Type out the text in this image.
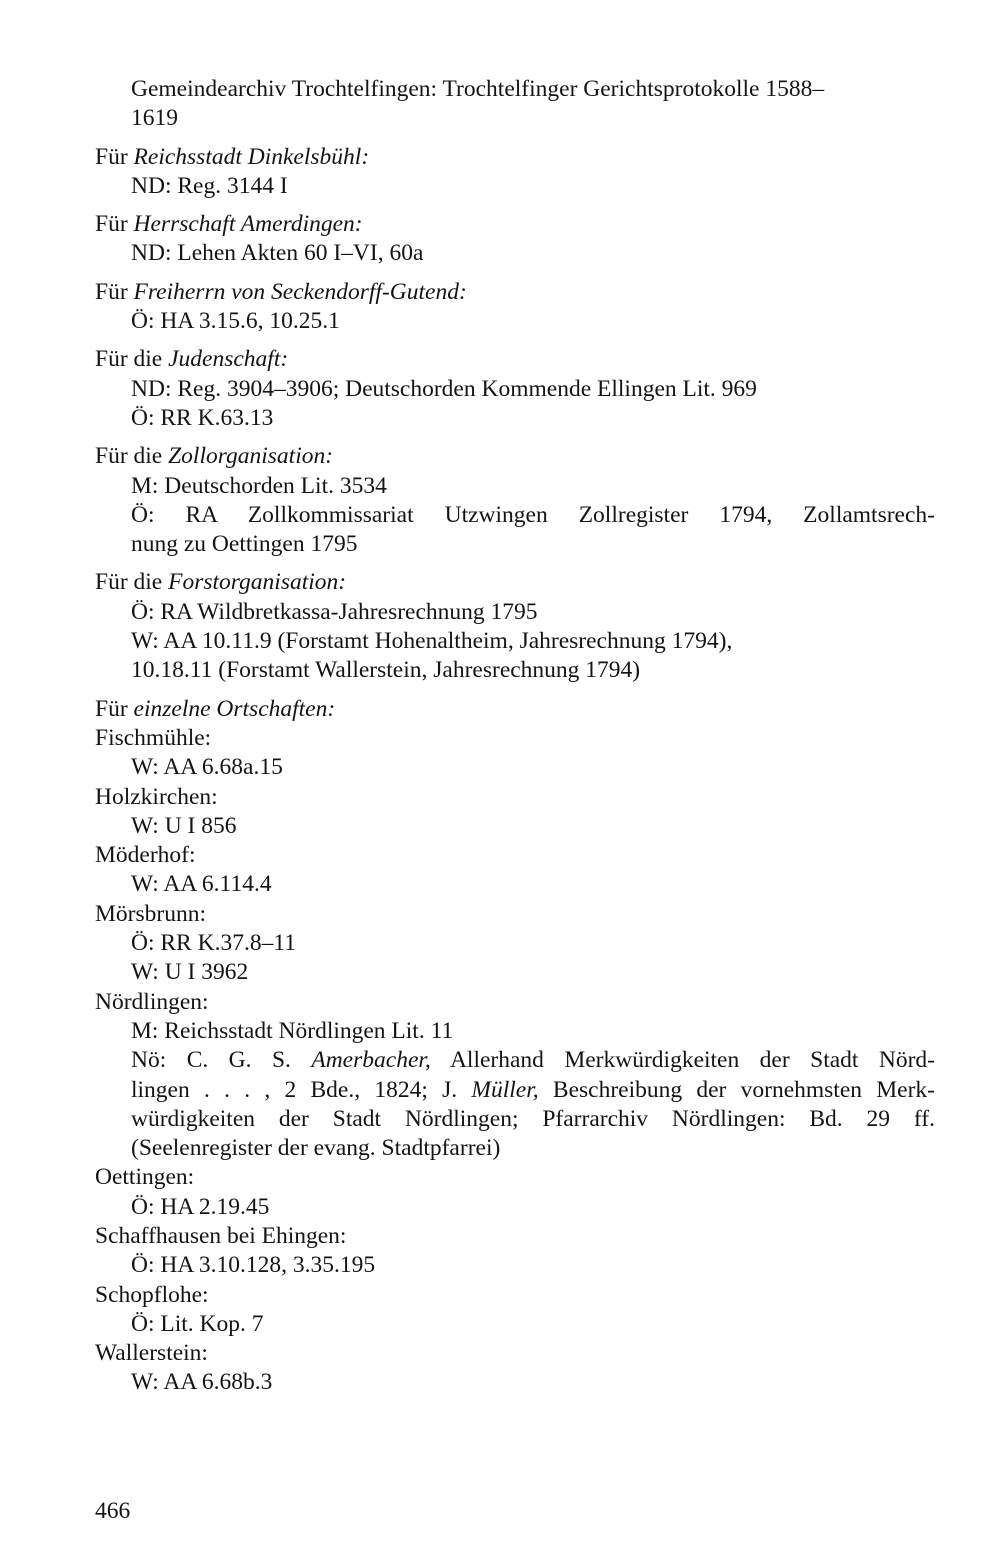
Gemeindearchiv Trochtelfingen: Trochtelfinger Gerichtsprotokolle 1588–
1619
Für Reichsstadt Dinkelsbühl:
ND: Reg. 3144 I
Für Herrschaft Amerdingen:
ND: Lehen Akten 60 I–VI, 60a
Für Freiherrn von Seckendorff-Gutend:
Ö: HA 3.15.6, 10.25.1
Für die Judenschaft:
ND: Reg. 3904–3906; Deutschorden Kommende Ellingen Lit. 969
Ö: RR K.63.13
Für die Zollorganisation:
M: Deutschorden Lit. 3534
Ö: RA Zollkommissariat Utzwingen Zollregister 1794, Zollamtsrech-
nung zu Oettingen 1795
Für die Forstorganisation:
Ö: RA Wildbretkassa-Jahresrechnung 1795
W: AA 10.11.9 (Forstamt Hohenaltheim, Jahresrechnung 1794),
10.18.11 (Forstamt Wallerstein, Jahresrechnung 1794)
Für einzelne Ortschaften:
Fischmühle:
W: AA 6.68a.15
Holzkirchen:
W: U I 856
Möderhof:
W: AA 6.114.4
Mörsbrunn:
Ö: RR K.37.8–11
W: U I 3962
Nördlingen:
M: Reichsstadt Nördlingen Lit. 11
Nö: C. G. S. Amerbacher, Allerhand Merkwürdigkeiten der Stadt Nörd-
lingen . . . , 2 Bde., 1824; J. Müller, Beschreibung der vornehmsten Merk-
würdigkeiten der Stadt Nördlingen; Pfarrarchiv Nördlingen: Bd. 29 ff.
(Seelenregister der evang. Stadtpfarrei)
Oettingen:
Ö: HA 2.19.45
Schaffhausen bei Ehingen:
Ö: HA 3.10.128, 3.35.195
Schopflohe:
Ö: Lit. Kop. 7
Wallerstein:
W: AA 6.68b.3
466
